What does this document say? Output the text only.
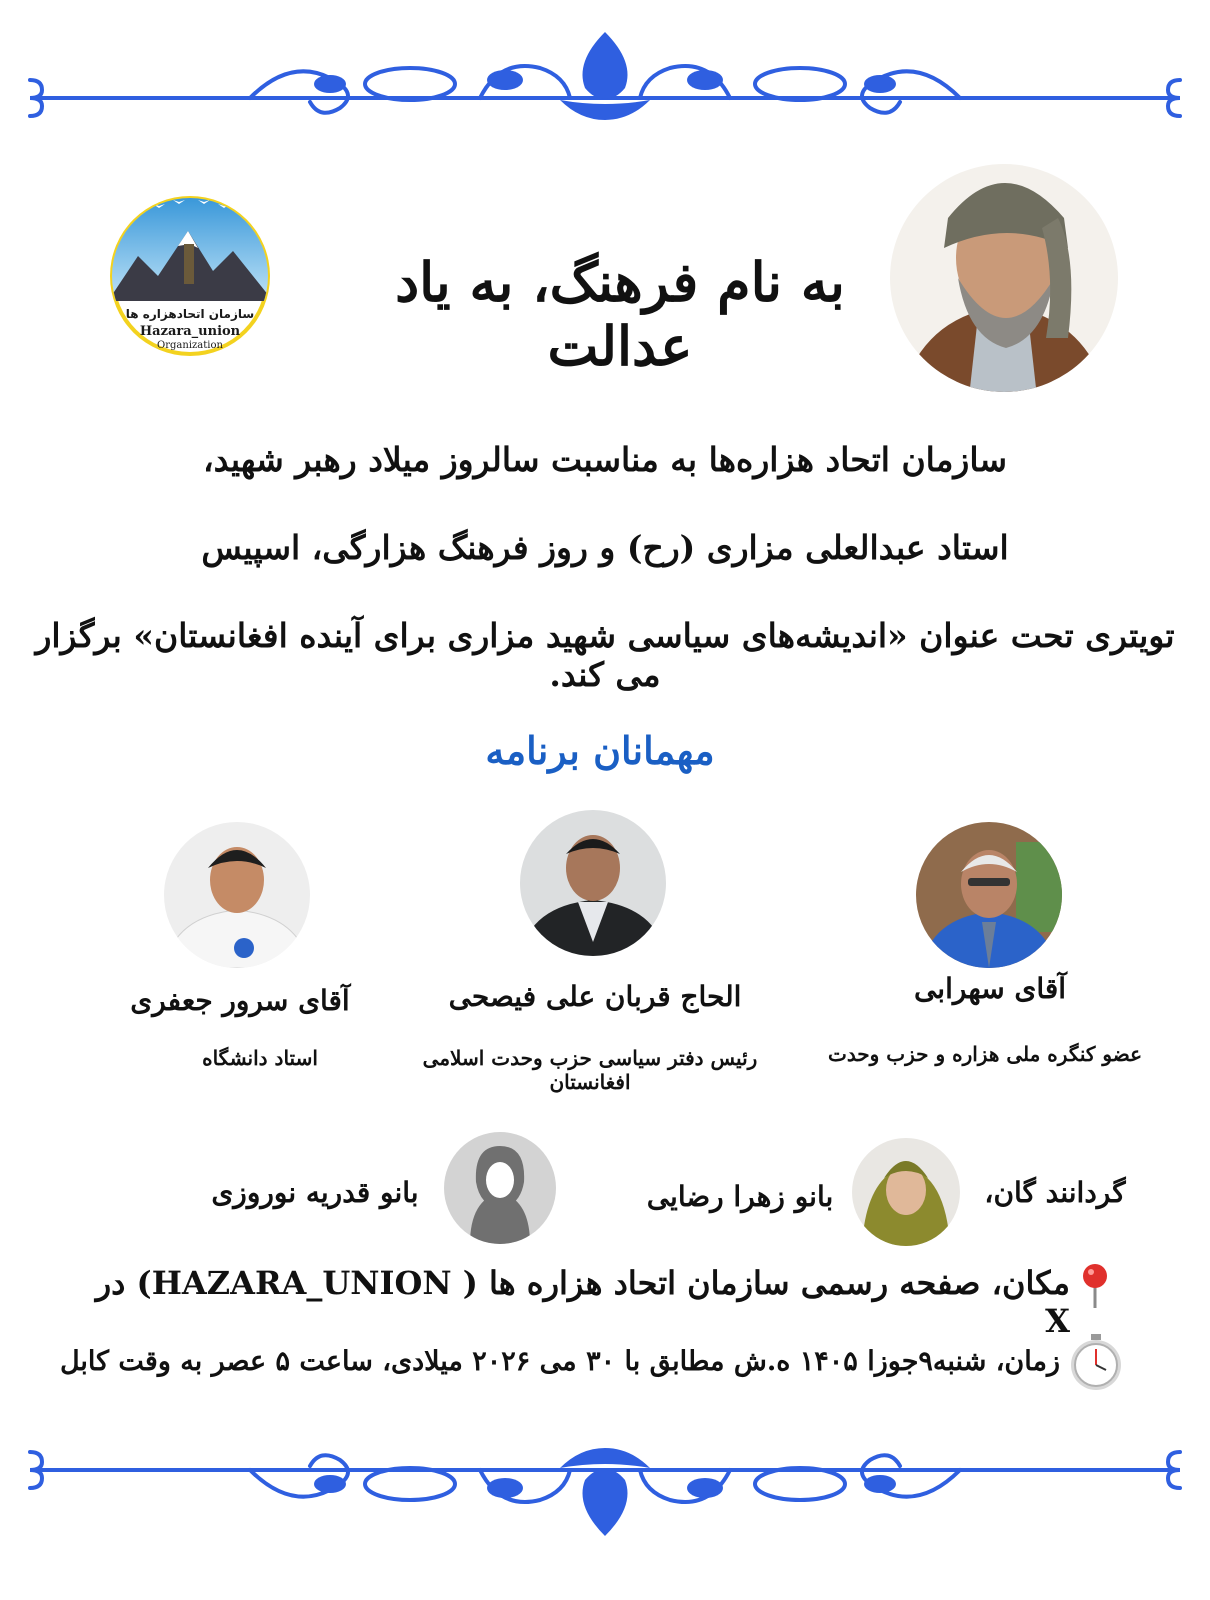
سازمان اتحادهزاره ها
Hazara_union
Organization
به نام فرهنگ، به یاد عدالت
سازمان اتحاد هزاره‌ها به مناسبت سالروز میلاد رهبر شهید،
استاد عبدالعلی مزاری (رح) و روز فرهنگ هزارگی، اسپیس
تویتری تحت عنوان «اندیشه‌های سیاسی شهید مزاری برای آینده افغانستان» برگزار می کند.
مهمانان برنامه
آقای سهرابی
عضو کنگره ملی هزاره و حزب وحدت
الحاج قربان علی فیصحی
رئیس دفتر سیاسی حزب وحدت اسلامی افغانستان
آقای سرور جعفری
استاد دانشگاه
گردانند گان،
بانو زهرا رضایی
بانو قدریه نوروزی
مکان، صفحه رسمی سازمان اتحاد هزاره ها ( HAZARA_UNION) در X
زمان، شنبه۹جوزا ۱۴۰۵ ه.ش مطابق با ۳۰ می ۲۰۲۶ میلادی، ساعت ۵ عصر به وقت کابل
